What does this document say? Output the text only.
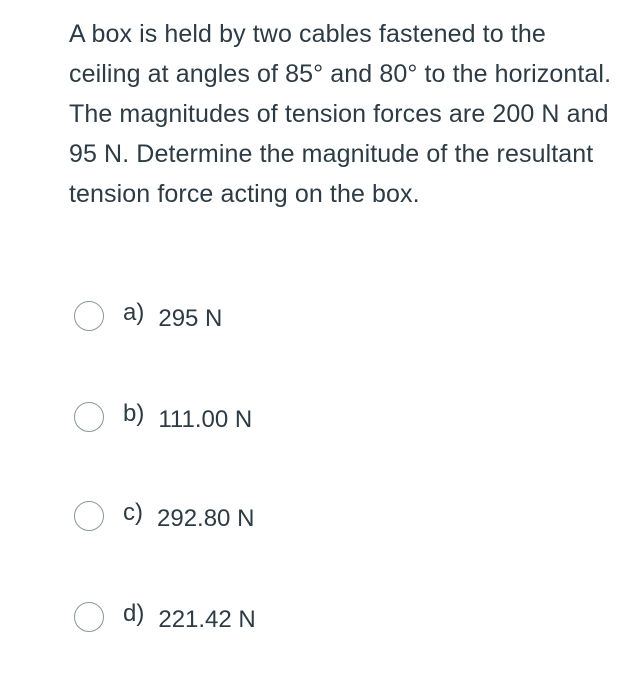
A box is held by two cables fastened to the ceiling at angles of 85° and 80° to the horizontal. The magnitudes of tension forces are 200 N and 95 N. Determine the magnitude of the resultant tension force acting on the box.
a) 295 N
b) 111.00 N
c) 292.80 N
d) 221.42 N
